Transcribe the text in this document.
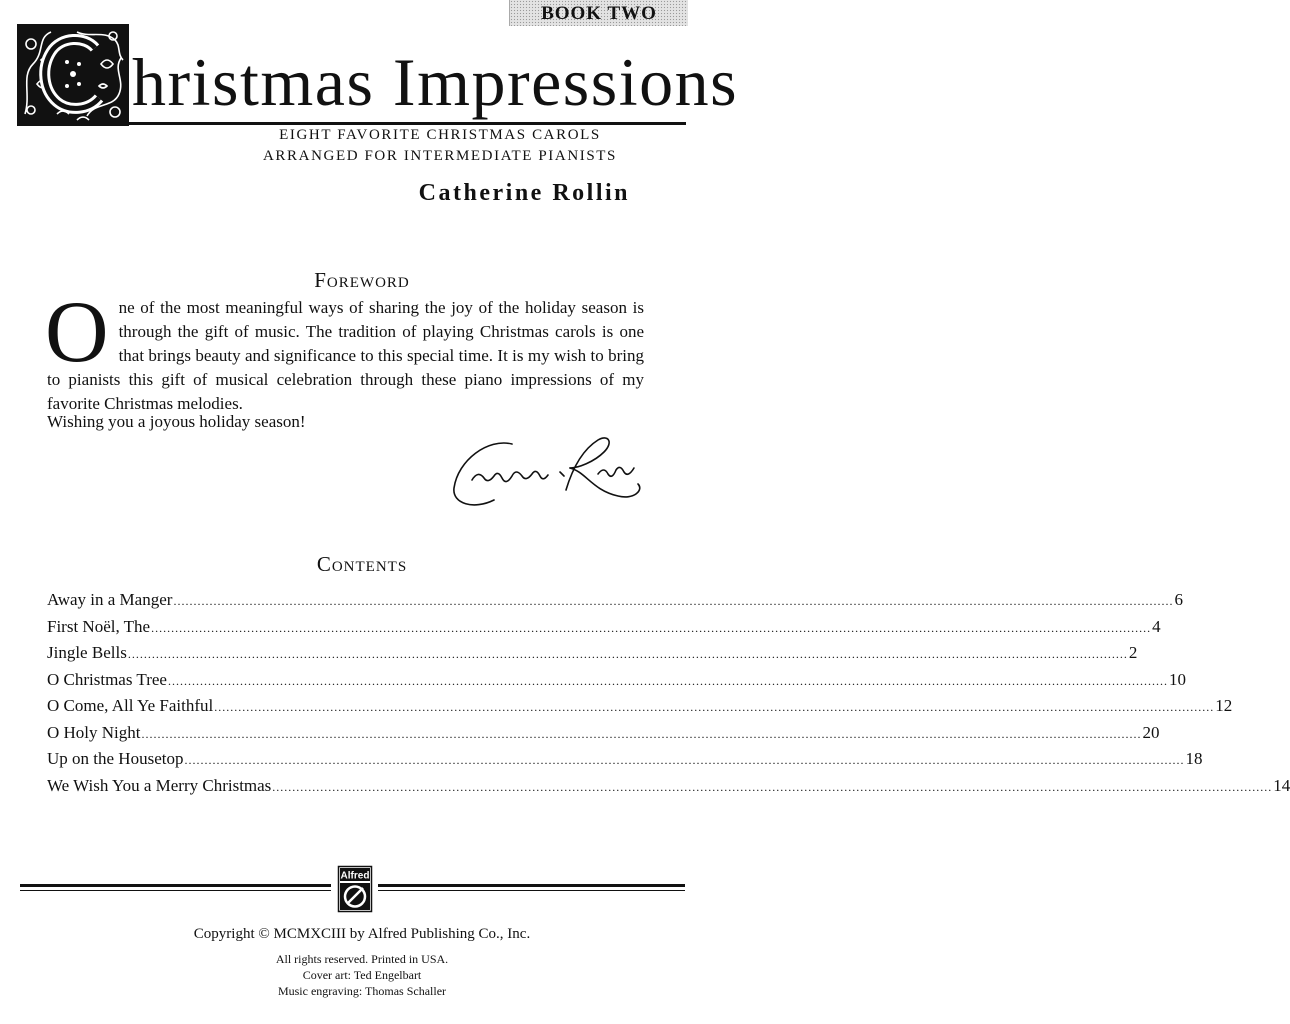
BOOK TWO
hristmas Impressions
EIGHT FAVORITE CHRISTMAS CAROLS
ARRANGED FOR INTERMEDIATE PIANISTS
Catherine Rollin
Foreword
O ne of the most meaningful ways of sharing the joy of the holiday season is through the gift of music. The tradition of playing Christmas carols is one that brings beauty and significance to this special time. It is my wish to bring to pianists this gift of musical celebration through these piano impressions of my favorite Christmas melodies.
Wishing you a joyous holiday season!
Contents
Away in a Manger .......................................................................................................................................................................................................................................................... 6
First Noël, The .......................................................................................................................................................................................................................................................... 4
Jingle Bells .......................................................................................................................................................................................................................................................... 2
O Christmas Tree .......................................................................................................................................................................................................................................................... 10
O Come, All Ye Faithful .......................................................................................................................................................................................................................................................... 12
O Holy Night .......................................................................................................................................................................................................................................................... 20
Up on the Housetop .......................................................................................................................................................................................................................................................... 18
We Wish You a Merry Christmas .......................................................................................................................................................................................................................................................... 14
Alfred
Copyright © MCMXCIII by Alfred Publishing Co., Inc.
All rights reserved. Printed in USA.
Cover art: Ted Engelbart
Music engraving: Thomas Schaller
